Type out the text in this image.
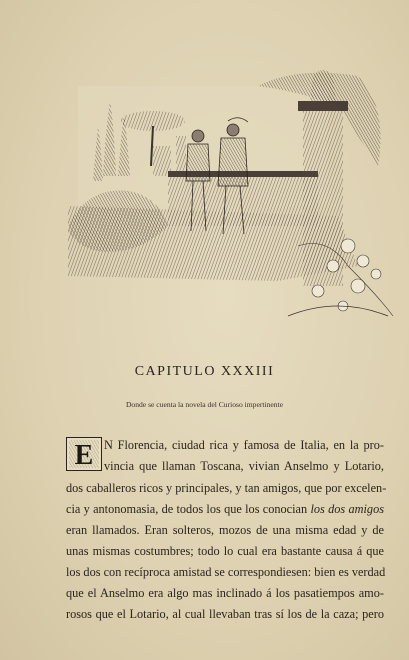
CAPITULO XXXIII
Donde se cuenta la novela del Curioso impertinente
E N Florencia, ciudad rica y famosa de Italia, en la pro-
vincia que llaman Toscana, vivian Anselmo y Lotario,
dos caballeros ricos y principales, y tan amigos, que por excelen-
cia y antonomasia, de todos los que los conocian los dos amigos
eran llamados. Eran solteros, mozos de una misma edad y de
unas mismas costumbres; todo lo cual era bastante causa á que
los dos con recíproca amistad se correspondiesen: bien es verdad
que el Anselmo era algo mas inclinado á los pasatiempos amo-
rosos que el Lotario, al cual llevaban tras sí los de la caza; pero
